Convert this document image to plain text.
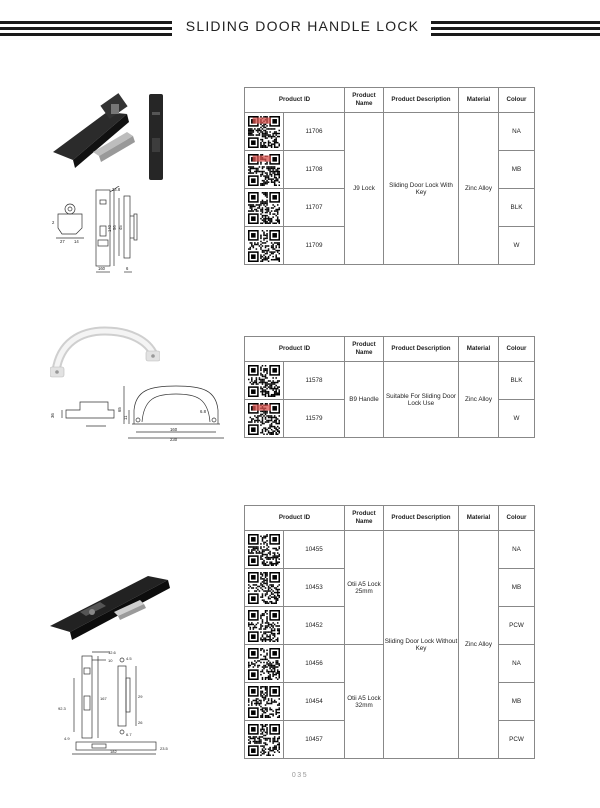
SLIDING DOOR HANDLE LOCK
140 56 45
160	6
24.8
27 14
2
Product ID		Product Name	Product Description	Material	Colour

	11706	J9 Lock	Sliding Door Lock With Key	Zinc Alloy	NA

	11708				MB

	11707				BLK

	11709				W
160
230
65
11
36
6.8
Product ID		Product Name	Product Description	Material	Colour

	11578	B9 Handle	Suitable For Sliding Door Lock Use	Zinc Alloy	BLK

	11579				W
12.6
10
167
92.3
26
23.5
182
4.5
6.7
29
4.9
Product ID		Product Name	Product Description	Material	Colour

	10455	Otii A5 Lock 25mm	Sliding Door Lock Without Key	Zinc Alloy	NA

	10453				MB

	10452				PCW

	10456	Otii A5 Lock 32mm			NA

	10454				MB

	10457				PCW
035
